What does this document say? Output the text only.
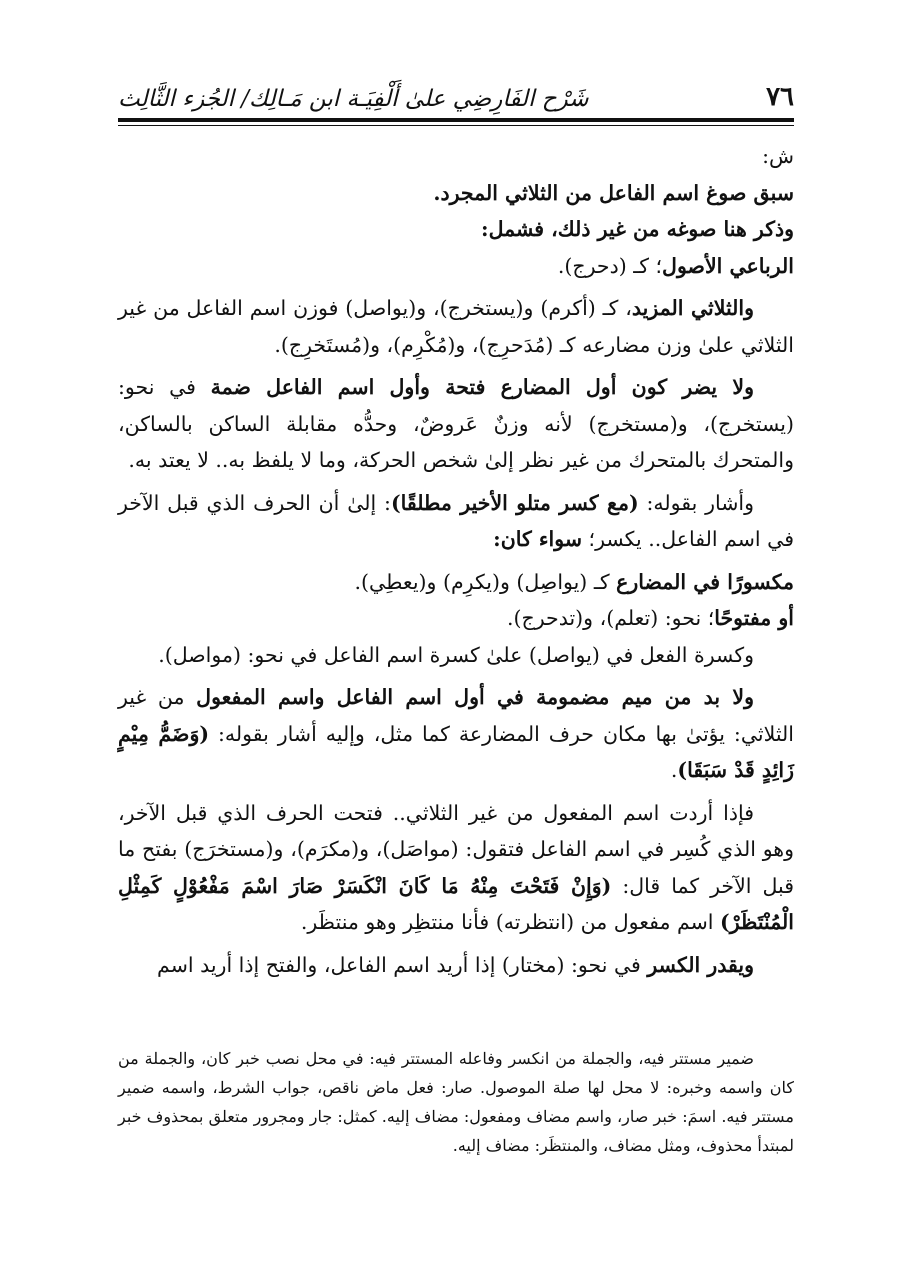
شَرْح الفَارِضِي علىٰ أَلْفِيَـة ابن مَـالِك/ الجُزء الثَّالِث	٧٦

ش:

سبق صوغ اسم الفاعل من الثلاثي المجرد.

وذكر هنا صوغه من غير ذلك، فشمل:

الرباعي الأصول؛ كـ (دحرج).

والثلاثي المزيد، كـ (أكرم) و(يستخرج)، و(يواصل) فوزن اسم الفاعل من غير الثلاثي علىٰ وزن مضارعه كـ (مُدَحرِج)، و(مُكْرِم)، و(مُستَخرِج).

ولا يضر كون أول المضارع فتحة وأول اسم الفاعل ضمة في نحو: (يستخرج)، و(مستخرج) لأنه وزنٌ عَروضٌ، وحدُّه مقابلة الساكن بالساكن، والمتحرك بالمتحرك من غير نظر إلىٰ شخص الحركة، وما لا يلفظ به.. لا يعتد به.

وأشار بقوله: (مع كسر متلو الأخير مطلقًا): إلىٰ أن الحرف الذي قبل الآخر في اسم الفاعل.. يكسر؛ سواء كان:

مكسورًا في المضارع كـ (يواصِل) و(يكرِم) و(يعطِي).

أو مفتوحًا؛ نحو: (تعلم)، و(تدحرج).

وكسرة الفعل في (يواصل) علىٰ كسرة اسم الفاعل في نحو: (مواصل).

ولا بد من ميم مضمومة في أول اسم الفاعل واسم المفعول من غير الثلاثي: يؤتىٰ بها مكان حرف المضارعة كما مثل، وإليه أشار بقوله: (وَضَمُّ مِيْمٍ زَائِدٍ قَدْ سَبَقَا).

فإذا أردت اسم المفعول من غير الثلاثي.. فتحت الحرف الذي قبل الآخر، وهو الذي كُسِر في اسم الفاعل فتقول: (مواصَل)، و(مكرَم)، و(مستخرَج) بفتح ما قبل الآخر كما قال: (وَإِنْ فَتَحْتَ مِنْهُ مَا كَانَ انْكَسَرْ صَارَ اسْمَ مَفْعُوْلٍ كَمِثْلِ الْمُنْتَظَرْ) اسم مفعول من (انتظرته) فأنا منتظِر وهو منتظَر.

ويقدر الكسر في نحو: (مختار) إذا أريد اسم الفاعل، والفتح إذا أريد اسم

ضمير مستتر فيه، والجملة من انكسر وفاعله المستتر فيه: في محل نصب خبر كان، والجملة من كان واسمه وخبره: لا محل لها صلة الموصول. صار: فعل ماض ناقص، جواب الشرط، واسمه ضمير مستتر فيه. اسمَ: خبر صار، واسم مضاف ومفعول: مضاف إليه. كمثل: جار ومجرور متعلق بمحذوف خبر لمبتدأ محذوف، ومثل مضاف، والمنتظَر: مضاف إليه.
